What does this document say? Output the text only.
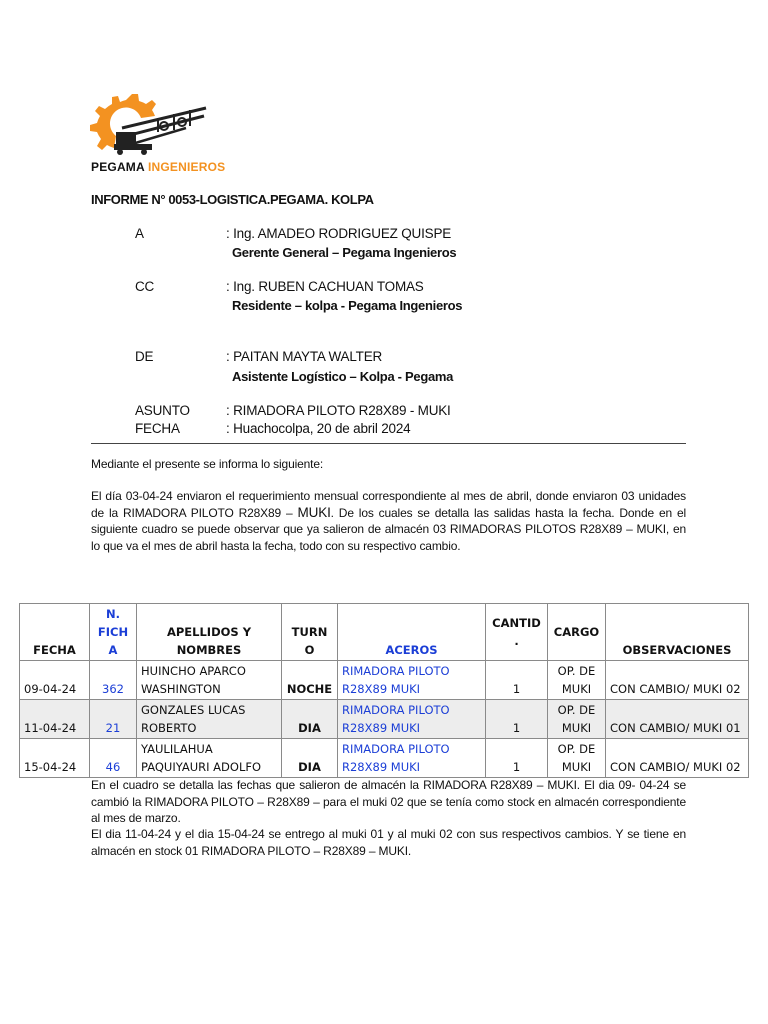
PEGAMA INGENIEROS
INFORME N° 0053-LOGISTICA.PEGAMA. KOLPA
A	: Ing. AMADEO RODRIGUEZ QUISPE
Gerente General – Pegama Ingenieros
CC	: Ing. RUBEN CACHUAN TOMAS
Residente – kolpa - Pegama Ingenieros
DE	: PAITAN MAYTA WALTER
Asistente Logístico – Kolpa - Pegama
ASUNTO	: RIMADORA PILOTO R28X89 - MUKI
FECHA	: Huachocolpa, 20 de abril 2024
Mediante el presente se informa lo siguiente:
El día 03-04-24 enviaron el requerimiento mensual correspondiente al mes de abril, donde enviaron 03 unidades de la RIMADORA PILOTO R28X89 – MUKI. De los cuales se detalla las salidas hasta la fecha. Donde en el siguiente cuadro se puede observar que ya salieron de almacén 03 RIMADORAS PILOTOS R28X89 – MUKI, en lo que va el mes de abril hasta la fecha, todo con su respectivo cambio.
FECHA	N. FICH A	APELLIDOS Y NOMBRES	TURN O	ACEROS	CANTID .	CARGO	OBSERVACIONES
09-04-24	362	HUINCHO APARCO WASHINGTON	NOCHE	RIMADORA PILOTO R28X89 MUKI	1	OP. DE MUKI	CON CAMBIO/ MUKI 02
11-04-24	21	GONZALES LUCAS ROBERTO	DIA	RIMADORA PILOTO R28X89 MUKI	1	OP. DE MUKI	CON CAMBIO/ MUKI 01
15-04-24	46	YAULILAHUA PAQUIYAURI ADOLFO	DIA	RIMADORA PILOTO R28X89 MUKI	1	OP. DE MUKI	CON CAMBIO/ MUKI 02
En el cuadro se detalla las fechas que salieron de almacén la RIMADORA R28X89 – MUKI. El dia 09- 04-24 se cambió la RIMADORA PILOTO – R28X89 – para el muki 02 que se tenía como stock en almacén correspondiente al mes de marzo.
El dia 11-04-24 y el dia 15-04-24 se entrego al muki 01 y al muki 02 con sus respectivos cambios. Y se tiene en almacén en stock 01 RIMADORA PILOTO – R28X89 – MUKI.
